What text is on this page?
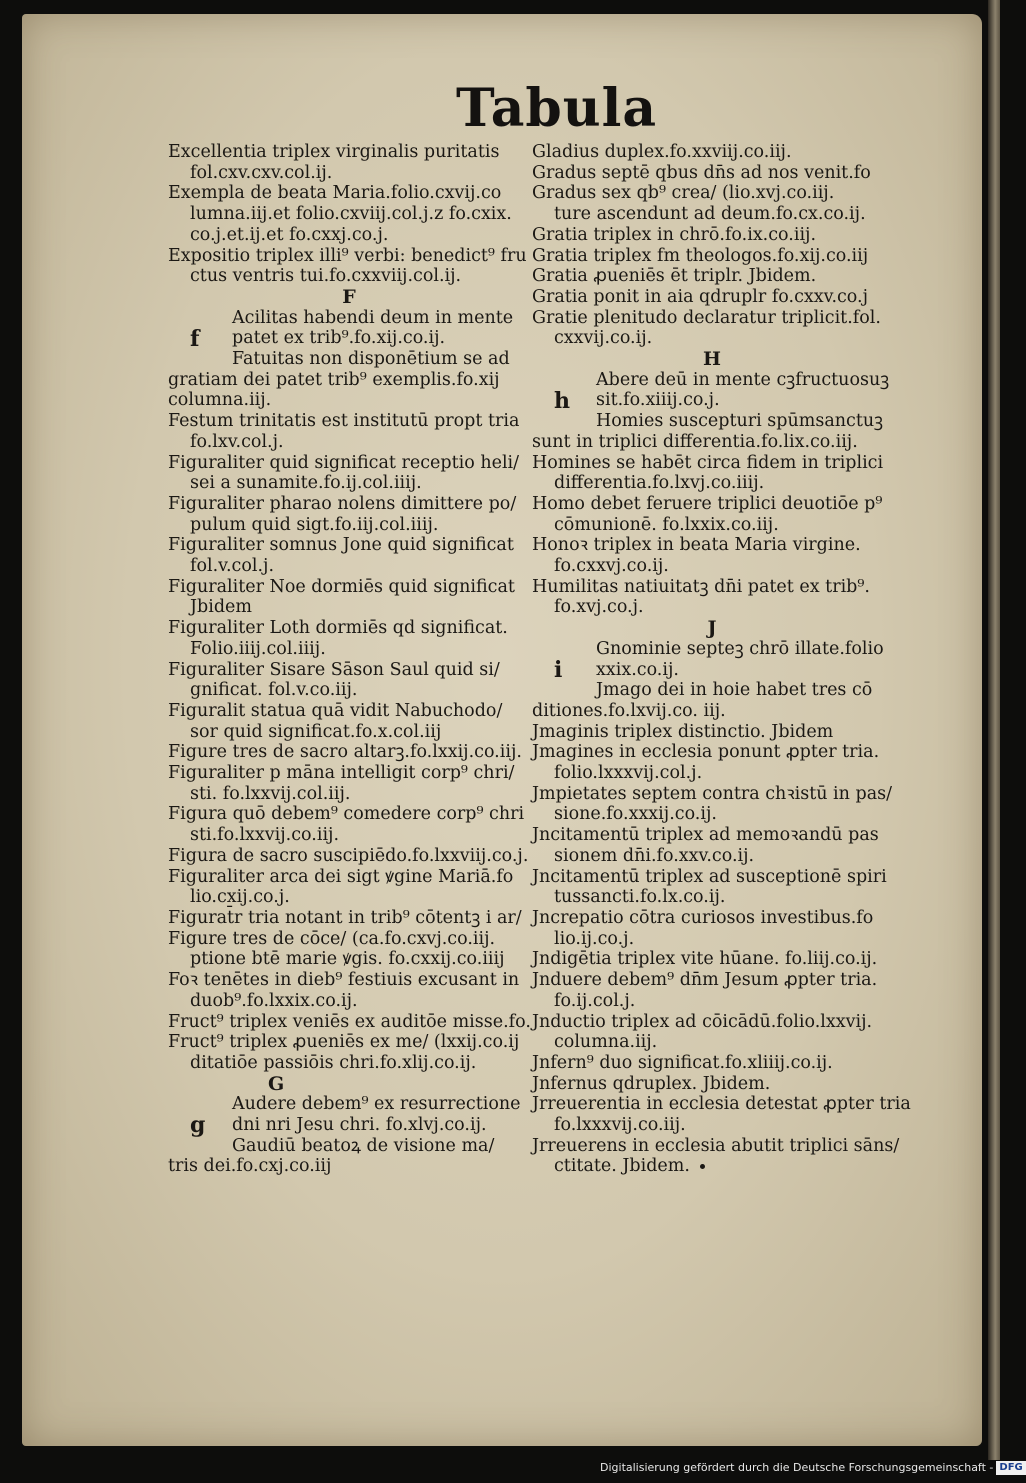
Tabula
Excellentia triplex virginalis puritatis
fol.cxv.cxv.col.ij.
Exempla de beata Maria.folio.cxvij.co
lumna.iij.et folio.cxviij.col.j.z fo.cxix.
co.j.et.ij.et fo.cxxj.co.j.
Expositio triplex illi⁹ verbi: benedict⁹ fru
ctus ventris tui.fo.cxxviij.col.ij.
F
f
Acilitas habendi deum in mente
patet ex trib⁹.fo.xij.co.ij.
Fatuitas non disponētium se ad
gratiam dei patet trib⁹ exemplis.fo.xij
columna.iij.
Festum trinitatis est institutū propt tria
fo.lxv.col.j.
Figuraliter quid significat receptio heli/
sei a sunamite.fo.ij.col.iiij.
Figuraliter pharao nolens dimittere po/
pulum quid sigt.fo.iij.col.iiij.
Figuraliter somnus Jone quid significat
fol.v.col.j.
Figuraliter Noe dormiēs quid significat
Jbidem
Figuraliter Loth dormiēs qd significat.
Folio.iiij.col.iiij.
Figuraliter Sisare Sāson Saul quid si/
gnificat. fol.v.co.iij.
Figuralit statua quā vidit Nabuchodo/
sor quid significat.fo.x.col.iij
Figure tres de sacro altarꝫ.fo.lxxij.co.iij.
Figuraliter p māna intelligit corp⁹ chri/
sti. fo.lxxvij.col.iij.
Figura quō debem⁹ comedere corp⁹ chri
sti.fo.lxxvij.co.iij.
Figura de sacro suscipiēdo.fo.lxxviij.co.j.
Figuraliter arca dei sigt ꝟgine Mariā.fo
lio.cxij.co.j.
Figurat̄r tria notant in trib⁹ cōtentꝫ i ar/
Figure tres de cōce/ (ca.fo.cxvj.co.iij.
ptione btē marie ꝟgis. fo.cxxij.co.iiij
Foꝛ tenētes in dieb⁹ festiuis excusant in
duob⁹.fo.lxxix.co.ij.
Fruct⁹ triplex veniēs ex auditōe misse.fo.
Fruct⁹ triplex ꝓueniēs ex me/ (lxxij.co.ij
ditatiōe passiōis chri.fo.xlij.co.ij.
G
g
Audere debem⁹ ex resurrectione
dni nri Jesu chri. fo.xlvj.co.ij.
Gaudiū beatoꝝ de visione ma/
tris dei.fo.cxj.co.iij
Gladius duplex.fo.xxviij.co.iij.
Gradus septē qbus dn̄s ad nos venit.fo
Gradus sex qb⁹ crea/ (lio.xvj.co.iij.
ture ascendunt ad deum.fo.cx.co.ij.
Gratia triplex in chrō.fo.ix.co.iij.
Gratia triplex fm theologos.fo.xij.co.iij
Gratia ꝓueniēs ēt triplr. Jbidem.
Gratia ponit in aia qdruplr fo.cxxv.co.j
Gratie plenitudo declaratur triplicit.fol.
cxxvij.co.ij.
H
h
Abere deū in mente cꝫfructuosuꝫ
sit.fo.xiiij.co.j.
Homies suscepturi spūmsanctuꝫ
sunt in triplici differentia.fo.lix.co.iij.
Homines se habēt circa fidem in triplici
differentia.fo.lxvj.co.iiij.
Homo debet feruere triplici deuotiōe p⁹
cōmunionē. fo.lxxix.co.iij.
Honoꝛ triplex in beata Maria virgine.
fo.cxxvj.co.ij.
Humilitas natiuitatꝫ dn̄i patet ex trib⁹.
fo.xvj.co.j.
J
i
Gnominie septeꝫ chrō illate.folio
xxix.co.ij.
Jmago dei in hoie habet tres cō
ditiones.fo.lxvij.co. iij.
Jmaginis triplex distinctio. Jbidem
Jmagines in ecclesia ponunt ꝓpter tria.
folio.lxxxvij.col.j.
Jmpietates septem contra chꝛistū in pas/
sione.fo.xxxij.co.ij.
Jncitamentū triplex ad memoꝛandū pas
sionem dn̄i.fo.xxv.co.ij.
Jncitamentū triplex ad susceptionē spiri
tussancti.fo.lx.co.ij.
Jncrepatio cōtra curiosos investibus.fo
lio.ij.co.j.
Jndigētia triplex vite hūane. fo.liij.co.ij.
Jnduere debem⁹ dn̄m Jesum ꝓpter tria.
fo.ij.col.j.
Jnductio triplex ad cōicādū.folio.lxxvij.
columna.iij.
Jnfern⁹ duo significat.fo.xliiij.co.ij.
Jnfernus qdruplex. Jbidem.
Jrreuerentia in ecclesia detestat ꝓpter tria
fo.lxxxvij.co.iij.
Jrreuerens in ecclesia abutit triplici sāns/
ctitate. Jbidem.
Digitalisierung gefördert durch die Deutsche Forschungsgemeinschaft - DFG
